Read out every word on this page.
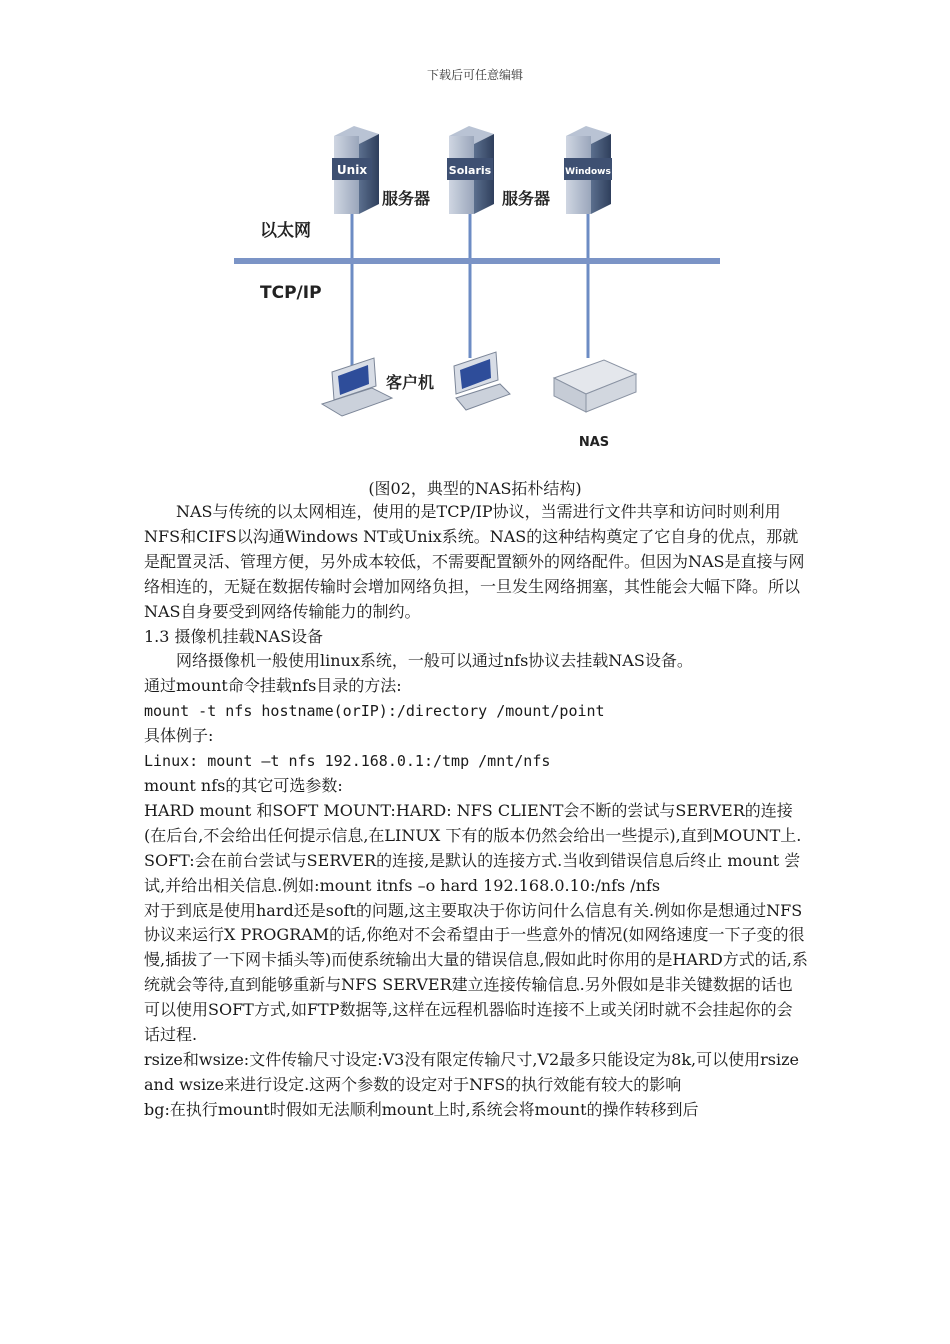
下载后可任意编辑
Unix	Solaris	Windows
服务器	服务器
以太网
TCP/IP
客户机
NAS
(图02，典型的NAS拓朴结构)

NAS与传统的以太网相连，使用的是TCP/IP协议，当需进行文件共享和访问时则利用NFS和CIFS以沟通Windows NT或Unix系统。NAS的这种结构奠定了它自身的优点，那就是配置灵活、管理方便，另外成本较低，不需要配置额外的网络配件。但因为NAS是直接与网络相连的，无疑在数据传输时会增加网络负担，一旦发生网络拥塞，其性能会大幅下降。所以NAS自身要受到网络传输能力的制约。

1.3 摄像机挂载NAS设备

网络摄像机一般使用linux系统，一般可以通过nfs协议去挂载NAS设备。

通过mount命令挂载nfs目录的方法:

mount -t nfs hostname(orIP):/directory /mount/point

具体例子:

Linux: mount –t nfs 192.168.0.1:/tmp /mnt/nfs

mount nfs的其它可选参数:

HARD mount 和SOFT MOUNT:HARD: NFS CLIENT会不断的尝试与SERVER的连接(在后台,不会给出任何提示信息,在LINUX 下有的版本仍然会给出一些提示),直到MOUNT上.

SOFT:会在前台尝试与SERVER的连接,是默认的连接方式.当收到错误信息后终止 mount 尝试,并给出相关信息.例如:mount itnfs –o hard 192.168.0.10:/nfs /nfs

对于到底是使用hard还是soft的问题,这主要取决于你访问什么信息有关.例如你是想通过NFS协议来运行X PROGRAM的话,你绝对不会希望由于一些意外的情况(如网络速度一下子变的很慢,插拔了一下网卡插头等)而使系统输出大量的错误信息,假如此时你用的是HARD方式的话,系统就会等待,直到能够重新与NFS SERVER建立连接传输信息.另外假如是非关键数据的话也可以使用SOFT方式,如FTP数据等,这样在远程机器临时连接不上或关闭时就不会挂起你的会话过程.

rsize和wsize:文件传输尺寸设定:V3没有限定传输尺寸,V2最多只能设定为8k,可以使用rsize and wsize来进行设定.这两个参数的设定对于NFS的执行效能有较大的影响

bg:在执行mount时假如无法顺利mount上时,系统会将mount的操作转移到后
